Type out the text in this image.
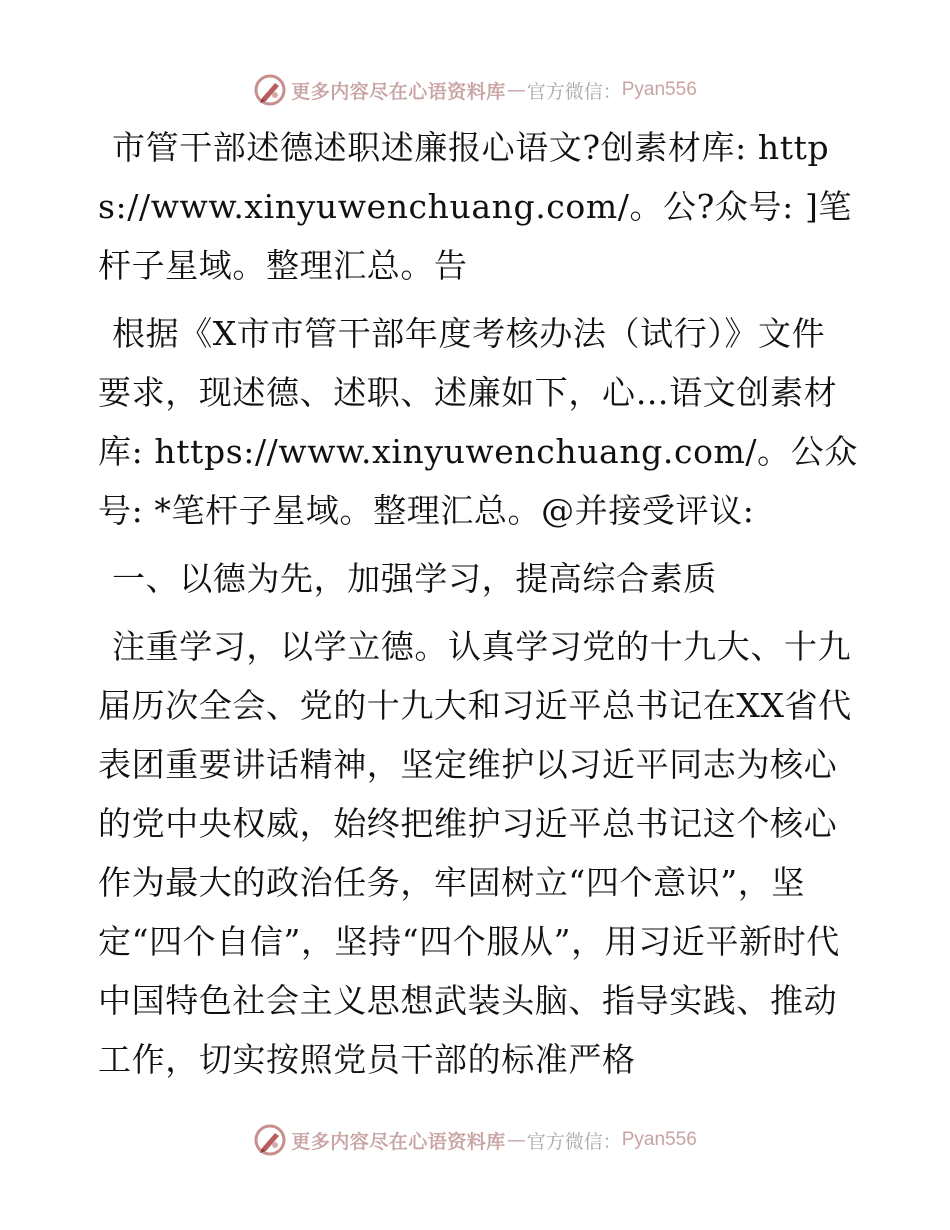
更多内容尽在心语资料库 — 官方微信： Pyan556

市管干部述德述职述廉报心语文?创素材库: https://www.xinyuwenchuang.com/。公?众号: ]笔杆子星域。整理汇总。告

根据《X市市管干部年度考核办法（试行）》文件要求，现述德、述职、述廉如下，心…语文创素材库: https://www.xinyuwenchuang.com/。公众号: *笔杆子星域。整理汇总。@并接受评议:

一、以德为先，加强学习，提高综合素质

注重学习，以学立德。认真学习党的十九大、十九届历次全会、党的十九大和习近平总书记在XX省代表团重要讲话精神，坚定维护以习近平同志为核心的党中央权威，始终把维护习近平总书记这个核心作为最大的政治任务，牢固树立“四个意识”，坚定“四个自信”，坚持“四个服从”，用习近平新时代中国特色社会主义思想武装头脑、指导实践、推动工作，切实按照党员干部的标准严格

更多内容尽在心语资料库 — 官方微信： Pyan556
